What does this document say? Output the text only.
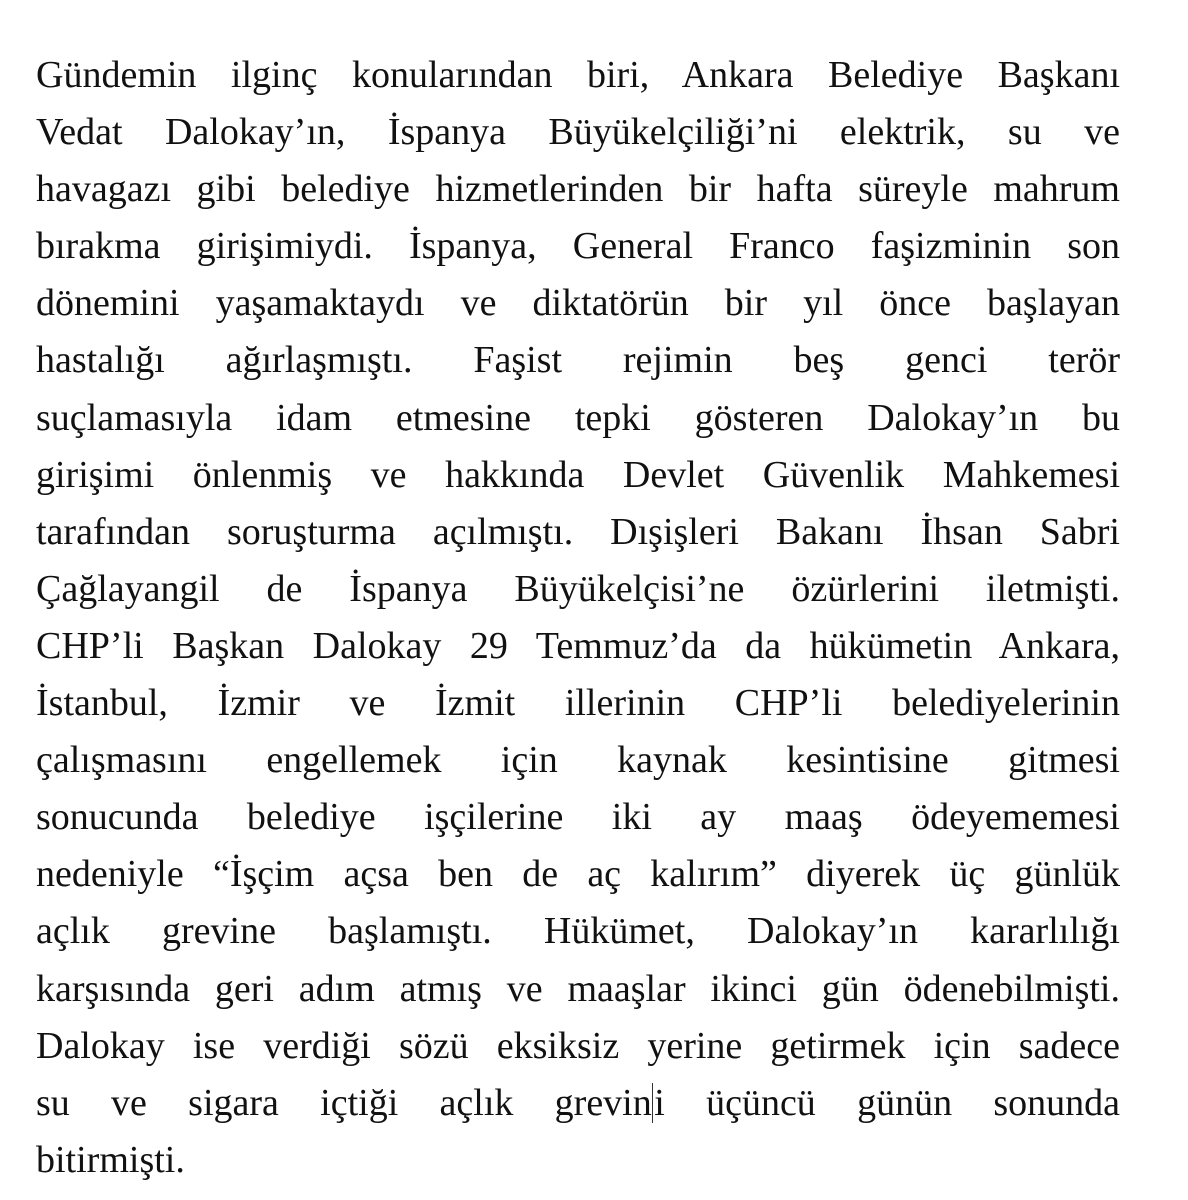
Gündemin ilginç konularından biri, Ankara Belediye Başkanı
Vedat Dalokay’ın, İspanya Büyükelçiliği’ni elektrik, su ve
havagazı gibi belediye hizmetlerinden bir hafta süreyle mahrum
bırakma girişimiydi. İspanya, General Franco faşizminin son
dönemini yaşamaktaydı ve diktatörün bir yıl önce başlayan
hastalığı ağırlaşmıştı. Faşist rejimin beş genci terör
suçlamasıyla idam etmesine tepki gösteren Dalokay’ın bu
girişimi önlenmiş ve hakkında Devlet Güvenlik Mahkemesi
tarafından soruşturma açılmıştı. Dışişleri Bakanı İhsan Sabri
Çağlayangil de İspanya Büyükelçisi’ne özürlerini iletmişti.
CHP’li Başkan Dalokay 29 Temmuz’da da hükümetin Ankara,
İstanbul, İzmir ve İzmit illerinin CHP’li belediyelerinin
çalışmasını engellemek için kaynak kesintisine gitmesi
sonucunda belediye işçilerine iki ay maaş ödeyememesi
nedeniyle “İşçim açsa ben de aç kalırım” diyerek üç günlük
açlık grevine başlamıştı. Hükümet, Dalokay’ın kararlılığı
karşısında geri adım atmış ve maaşlar ikinci gün ödenebilmişti.
Dalokay ise verdiği sözü eksiksiz yerine getirmek için sadece
su ve sigara içtiği açlık grevini üçüncü günün sonunda
bitirmişti.
